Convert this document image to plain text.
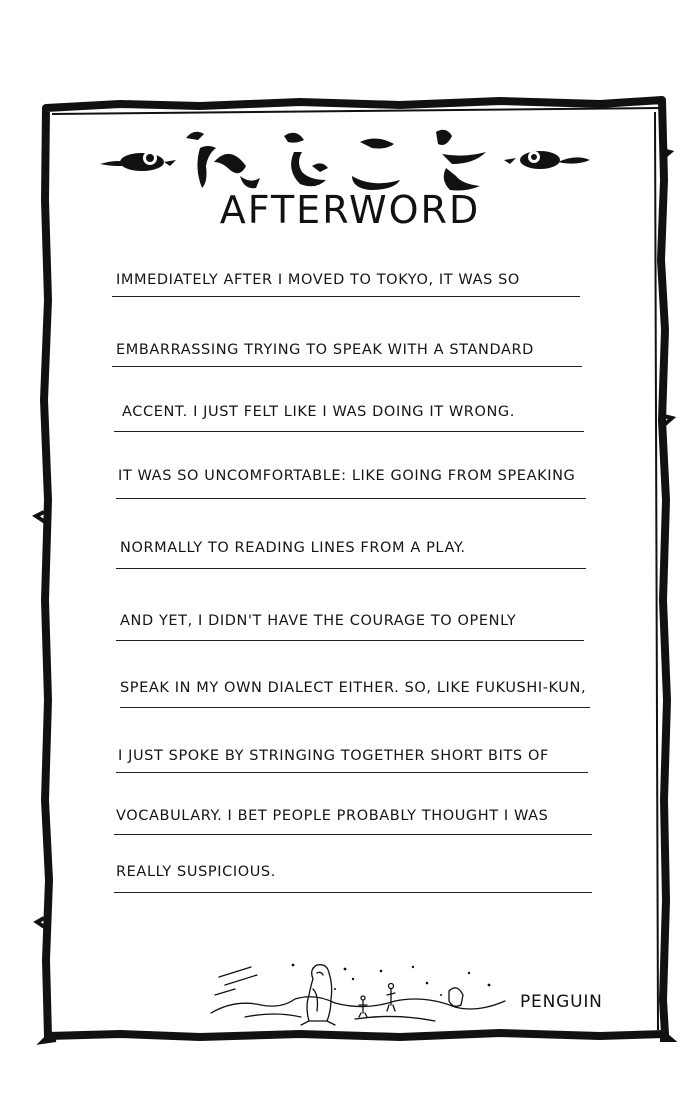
AFTERWORD
IMMEDIATELY AFTER I MOVED TO TOKYO, IT WAS SO
EMBARRASSING TRYING TO SPEAK WITH A STANDARD
ACCENT. I JUST FELT LIKE I WAS DOING IT WRONG.
IT WAS SO UNCOMFORTABLE: LIKE GOING FROM SPEAKING
NORMALLY TO READING LINES FROM A PLAY.
AND YET, I DIDN'T HAVE THE COURAGE TO OPENLY
SPEAK IN MY OWN DIALECT EITHER. SO, LIKE FUKUSHI-KUN,
I JUST SPOKE BY STRINGING TOGETHER SHORT BITS OF
VOCABULARY. I BET PEOPLE PROBABLY THOUGHT I WAS
REALLY SUSPICIOUS.
PENGUIN
